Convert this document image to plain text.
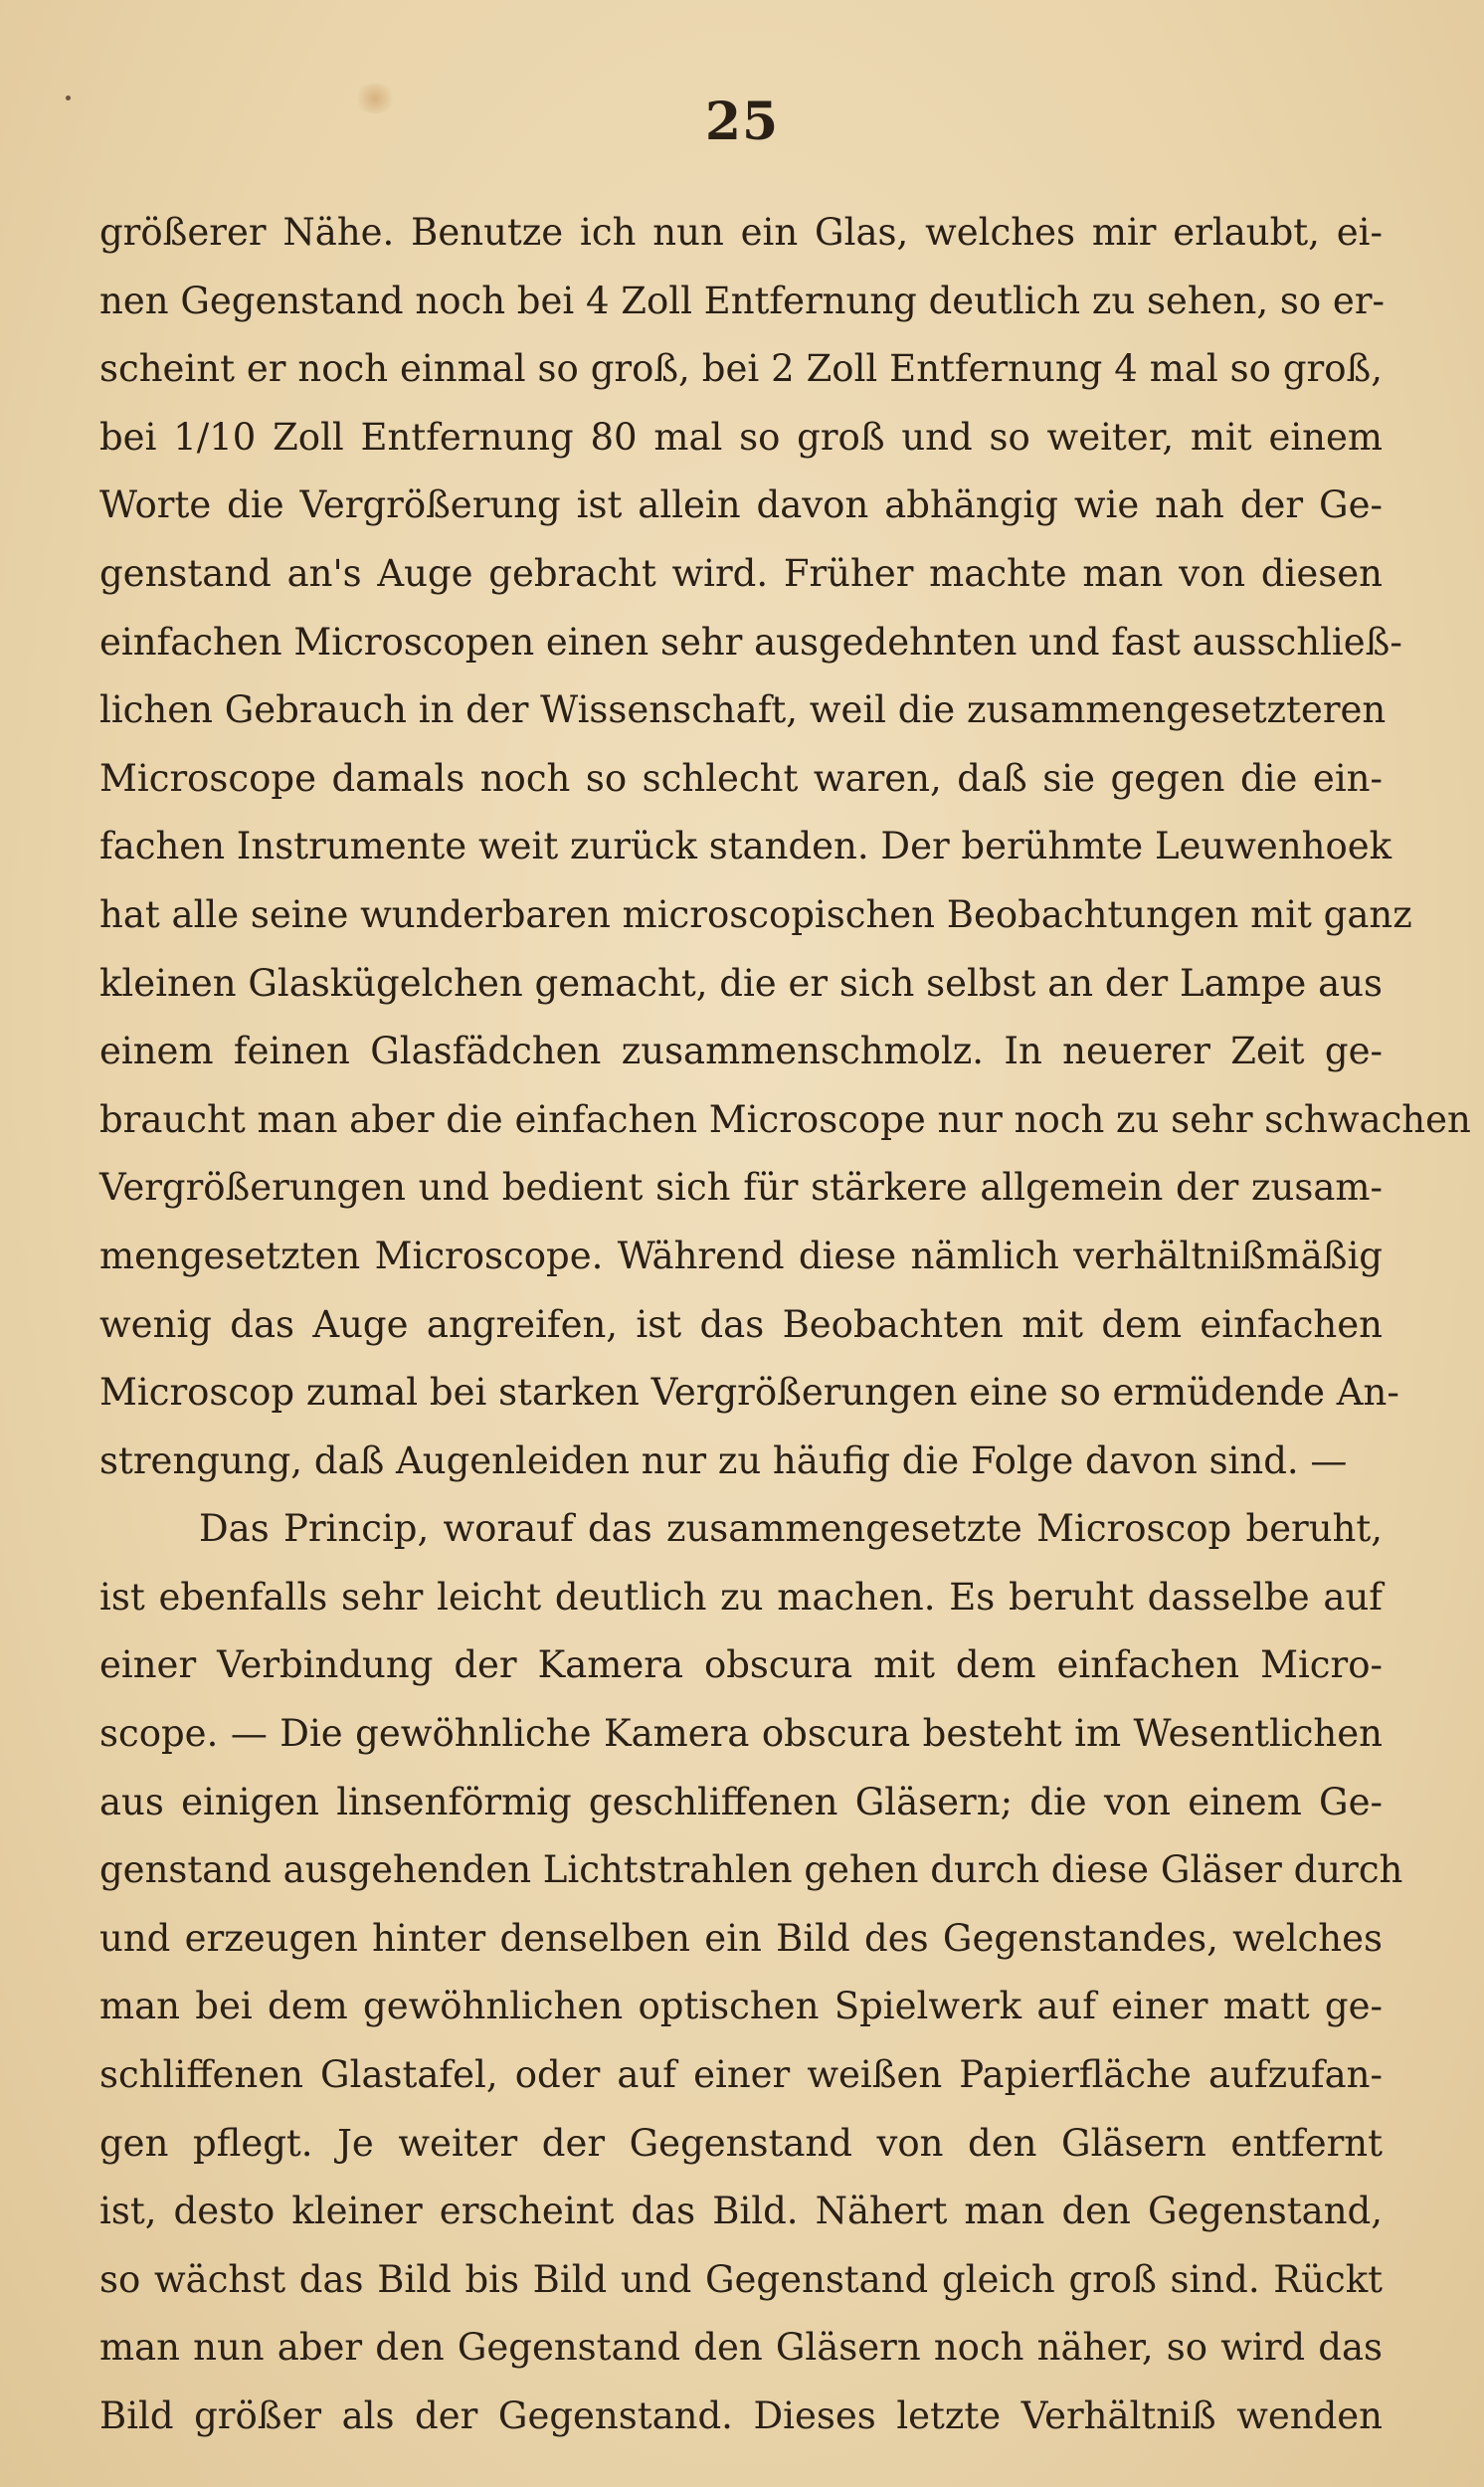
25
größerer Nähe. Benutze ich nun ein Glas, welches mir erlaubt, ei-
nen Gegenstand noch bei 4 Zoll Entfernung deutlich zu sehen, so er-
scheint er noch einmal so groß, bei 2 Zoll Entfernung 4 mal so groß,
bei 1/10 Zoll Entfernung 80 mal so groß und so weiter, mit einem
Worte die Vergrößerung ist allein davon abhängig wie nah der Ge-
genstand an's Auge gebracht wird. Früher machte man von diesen
einfachen Microscopen einen sehr ausgedehnten und fast ausschließ-
lichen Gebrauch in der Wissenschaft, weil die zusammengesetzteren
Microscope damals noch so schlecht waren, daß sie gegen die ein-
fachen Instrumente weit zurück standen. Der berühmte Leuwenhoek
hat alle seine wunderbaren microscopischen Beobachtungen mit ganz
kleinen Glaskügelchen gemacht, die er sich selbst an der Lampe aus
einem feinen Glasfädchen zusammenschmolz. In neuerer Zeit ge-
braucht man aber die einfachen Microscope nur noch zu sehr schwachen
Vergrößerungen und bedient sich für stärkere allgemein der zusam-
mengesetzten Microscope. Während diese nämlich verhältnißmäßig
wenig das Auge angreifen, ist das Beobachten mit dem einfachen
Microscop zumal bei starken Vergrößerungen eine so ermüdende An-
strengung, daß Augenleiden nur zu häufig die Folge davon sind. —
Das Princip, worauf das zusammengesetzte Microscop beruht,
ist ebenfalls sehr leicht deutlich zu machen. Es beruht dasselbe auf
einer Verbindung der Kamera obscura mit dem einfachen Micro-
scope. — Die gewöhnliche Kamera obscura besteht im Wesentlichen
aus einigen linsenförmig geschliffenen Gläsern; die von einem Ge-
genstand ausgehenden Lichtstrahlen gehen durch diese Gläser durch
und erzeugen hinter denselben ein Bild des Gegenstandes, welches
man bei dem gewöhnlichen optischen Spielwerk auf einer matt ge-
schliffenen Glastafel, oder auf einer weißen Papierfläche aufzufan-
gen pflegt. Je weiter der Gegenstand von den Gläsern entfernt
ist, desto kleiner erscheint das Bild. Nähert man den Gegenstand,
so wächst das Bild bis Bild und Gegenstand gleich groß sind. Rückt
man nun aber den Gegenstand den Gläsern noch näher, so wird das
Bild größer als der Gegenstand. Dieses letzte Verhältniß wenden
